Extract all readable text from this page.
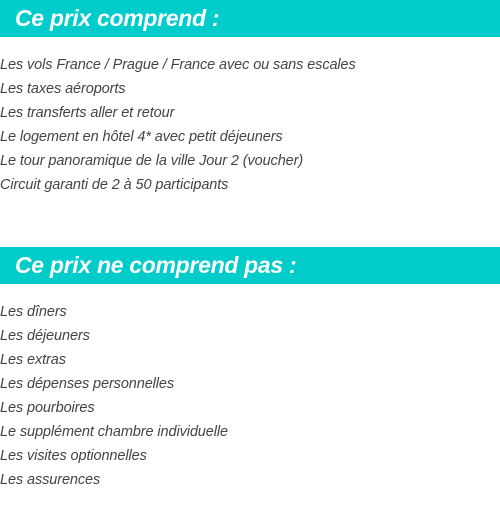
Ce prix comprend :
Les vols France / Prague / France avec ou sans escales
Les taxes aéroports
Les transferts aller et retour
Le logement en hôtel 4* avec petit déjeuners
Le tour panoramique de la ville Jour 2 (voucher)
Circuit garanti de 2 à 50 participants
Ce prix ne comprend pas :
Les dîners
Les déjeuners
Les extras
Les dépenses personnelles
Les pourboires
Le supplément chambre individuelle
Les visites optionnelles
Les assurences
